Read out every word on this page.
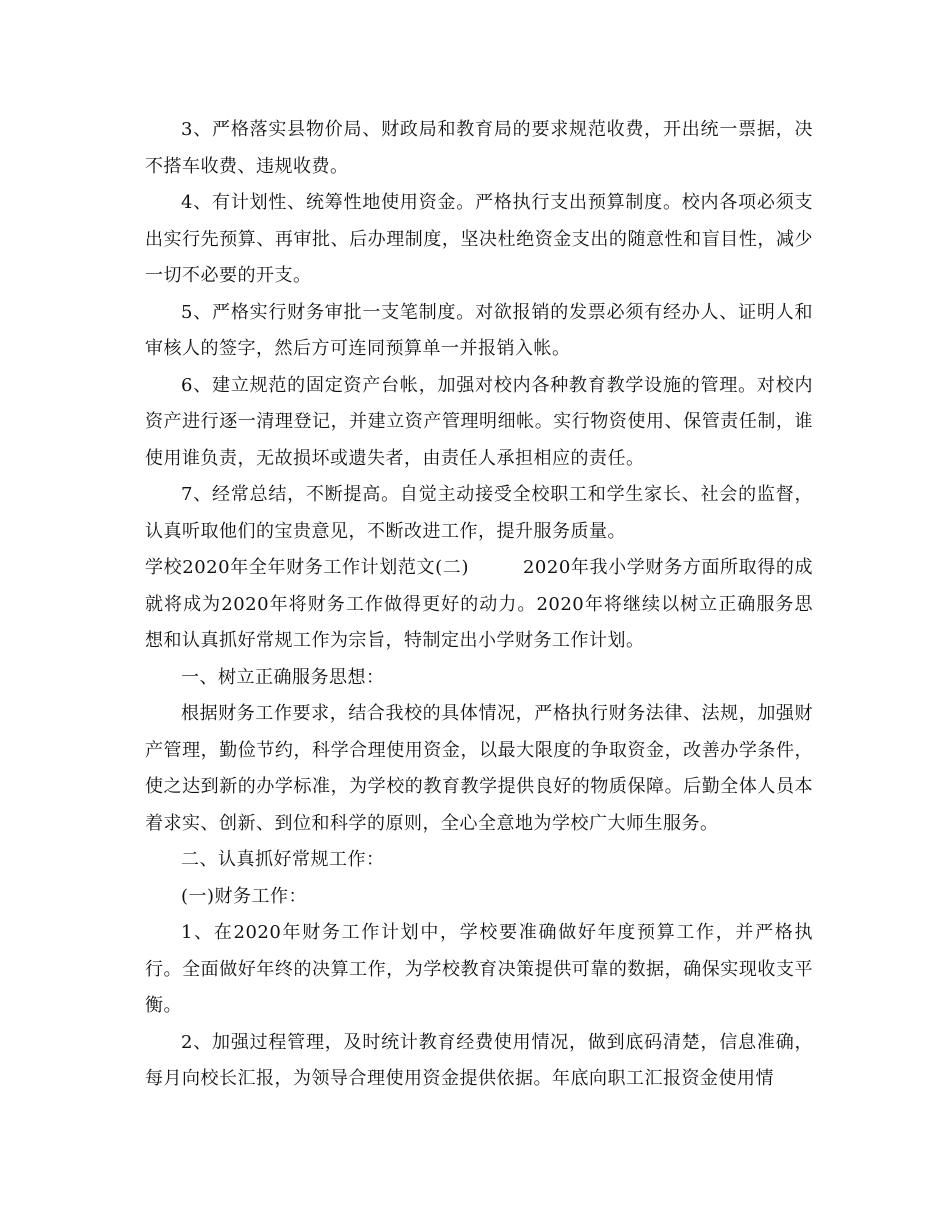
3、严格落实县物价局、财政局和教育局的要求规范收费，开出统一票据，决不搭车收费、违规收费。

4、有计划性、统筹性地使用资金。严格执行支出预算制度。校内各项必须支出实行先预算、再审批、后办理制度，坚决杜绝资金支出的随意性和盲目性，减少一切不必要的开支。

5、严格实行财务审批一支笔制度。对欲报销的发票必须有经办人、证明人和审核人的签字，然后方可连同预算单一并报销入帐。

6、建立规范的固定资产台帐，加强对校内各种教育教学设施的管理。对校内资产进行逐一清理登记，并建立资产管理明细帐。实行物资使用、保管责任制，谁使用谁负责，无故损坏或遗失者，由责任人承担相应的责任。

7、经常总结，不断提高。自觉主动接受全校职工和学生家长、社会的监督，认真听取他们的宝贵意见，不断改进工作，提升服务质量。

学校2020年全年财务工作计划范文(二)	2020年我小学财务方面所取得的成就将成为2020年将财务工作做得更好的动力。2020年将继续以树立正确服务思想和认真抓好常规工作为宗旨，特制定出小学财务工作计划。

一、树立正确服务思想：

根据财务工作要求，结合我校的具体情况，严格执行财务法律、法规，加强财产管理，勤俭节约，科学合理使用资金，以最大限度的争取资金，改善办学条件，使之达到新的办学标准，为学校的教育教学提供良好的物质保障。后勤全体人员本着求实、创新、到位和科学的原则，全心全意地为学校广大师生服务。

二、认真抓好常规工作：

(一)财务工作：

1、在2020年财务工作计划中，学校要准确做好年度预算工作，并严格执行。全面做好年终的决算工作，为学校教育决策提供可靠的数据，确保实现收支平衡。

2、加强过程管理，及时统计教育经费使用情况，做到底码清楚，信息准确，每月向校长汇报，为领导合理使用资金提供依据。年底向职工汇报资金使用情
